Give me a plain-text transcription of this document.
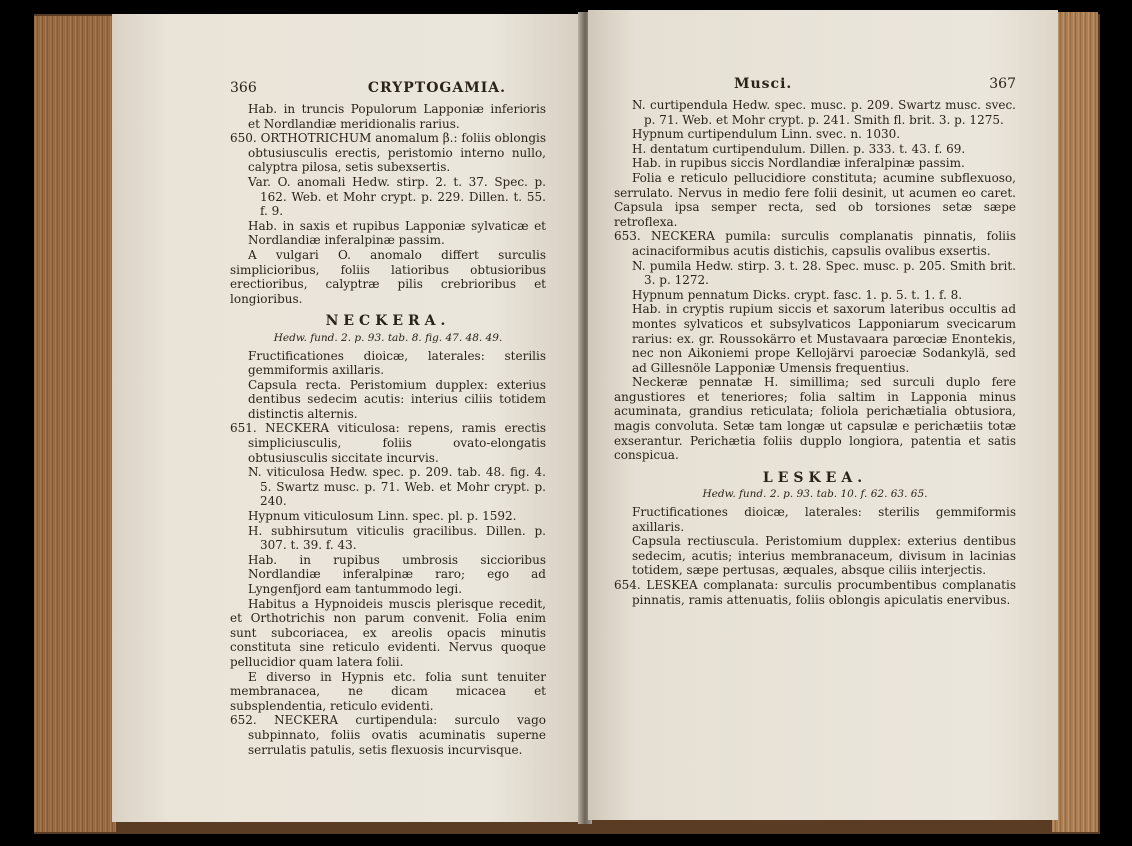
366	CRYPTOGAMIA.

Hab. in truncis Populorum Lapponiæ inferioris et Nordlandiæ meridionalis rarius.

650. ORTHOTRICHUM anomalum β.: foliis oblongis obtusiusculis erectis, peristomio interno nullo, calyptra pilosa, setis subexsertis.

Var. O. anomali Hedw. stirp. 2. t. 37. Spec. p. 162. Web. et Mohr crypt. p. 229. Dillen. t. 55. f. 9.

Hab. in saxis et rupibus Lapponiæ sylvaticæ et Nordlandiæ inferalpinæ passim.

A vulgari O. anomalo differt surculis simplicioribus, foliis latioribus obtusioribus erectioribus, calyptræ pilis crebrioribus et longioribus.

NECKERA.

Hedw. fund. 2. p. 93. tab. 8. fig. 47. 48. 49.

Fructificationes dioicæ, laterales: sterilis gemmiformis axillaris.

Capsula recta. Peristomium dupplex: exterius dentibus sedecim acutis: interius ciliis totidem distinctis alternis.

651. NECKERA viticulosa: repens, ramis erectis simpliciusculis, foliis ovato-elongatis obtusiusculis siccitate incurvis.

N. viticulosa Hedw. spec. p. 209. tab. 48. fig. 4. 5. Swartz musc. p. 71. Web. et Mohr crypt. p. 240.

Hypnum viticulosum Linn. spec. pl. p. 1592.

H. subhirsutum viticulis gracilibus. Dillen. p. 307. t. 39. f. 43.

Hab. in rupibus umbrosis siccioribus Nordlandiæ inferalpinæ raro; ego ad Lyngenfjord eam tantummodo legi.

Habitus a Hypnoideis muscis plerisque recedit, et Orthotrichis non parum convenit. Folia enim sunt subcoriacea, ex areolis opacis minutis constituta sine reticulo evidenti. Nervus quoque pellucidior quam latera folii.

E diverso in Hypnis etc. folia sunt tenuiter membranacea, ne dicam micacea et subsplendentia, reticulo evidenti.

652. NECKERA curtipendula: surculo vago subpinnato, foliis ovatis acuminatis superne serrulatis patulis, setis flexuosis incurvisque.

Musci.	367

N. curtipendula Hedw. spec. musc. p. 209. Swartz musc. svec. p. 71. Web. et Mohr crypt. p. 241. Smith fl. brit. 3. p. 1275.

Hypnum curtipendulum Linn. svec. n. 1030.

H. dentatum curtipendulum. Dillen. p. 333. t. 43. f. 69.

Hab. in rupibus siccis Nordlandiæ inferalpinæ passim.

Folia e reticulo pellucidiore constituta; acumine subflexuoso, serrulato. Nervus in medio fere folii desinit, ut acumen eo caret. Capsula ipsa semper recta, sed ob torsiones setæ sæpe retroflexa.

653. NECKERA pumila: surculis complanatis pinnatis, foliis acinaciformibus acutis distichis, capsulis ovalibus exsertis.

N. pumila Hedw. stirp. 3. t. 28. Spec. musc. p. 205. Smith brit. 3. p. 1272.

Hypnum pennatum Dicks. crypt. fasc. 1. p. 5. t. 1. f. 8.

Hab. in cryptis rupium siccis et saxorum lateribus occultis ad montes sylvaticos et subsylvaticos Lapponiarum svecicarum rarius: ex. gr. Roussokärro et Mustavaara parœciæ Enontekis, nec non Aikoniemi prope Kellojärvi paroeciæ Sodankylä, sed ad Gillesnöle Lapponiæ Umensis frequentius.

Neckeræ pennatæ H. simillima; sed surculi duplo fere angustiores et teneriores; folia saltim in Lapponia minus acuminata, grandius reticulata; foliola perichætialia obtusiora, magis convoluta. Setæ tam longæ ut capsulæ e perichætiis totæ exserantur. Perichætia foliis dupplo longiora, patentia et satis conspicua.

LESKEA.

Hedw. fund. 2. p. 93. tab. 10. f. 62. 63. 65.

Fructificationes dioicæ, laterales: sterilis gemmiformis axillaris.

Capsula rectiuscula. Peristomium dupplex: exterius dentibus sedecim, acutis; interius membranaceum, divisum in lacinias totidem, sæpe pertusas, æquales, absque ciliis interjectis.

654. LESKEA complanata: surculis procumbentibus complanatis pinnatis, ramis attenuatis, foliis oblongis apiculatis enervibus.
